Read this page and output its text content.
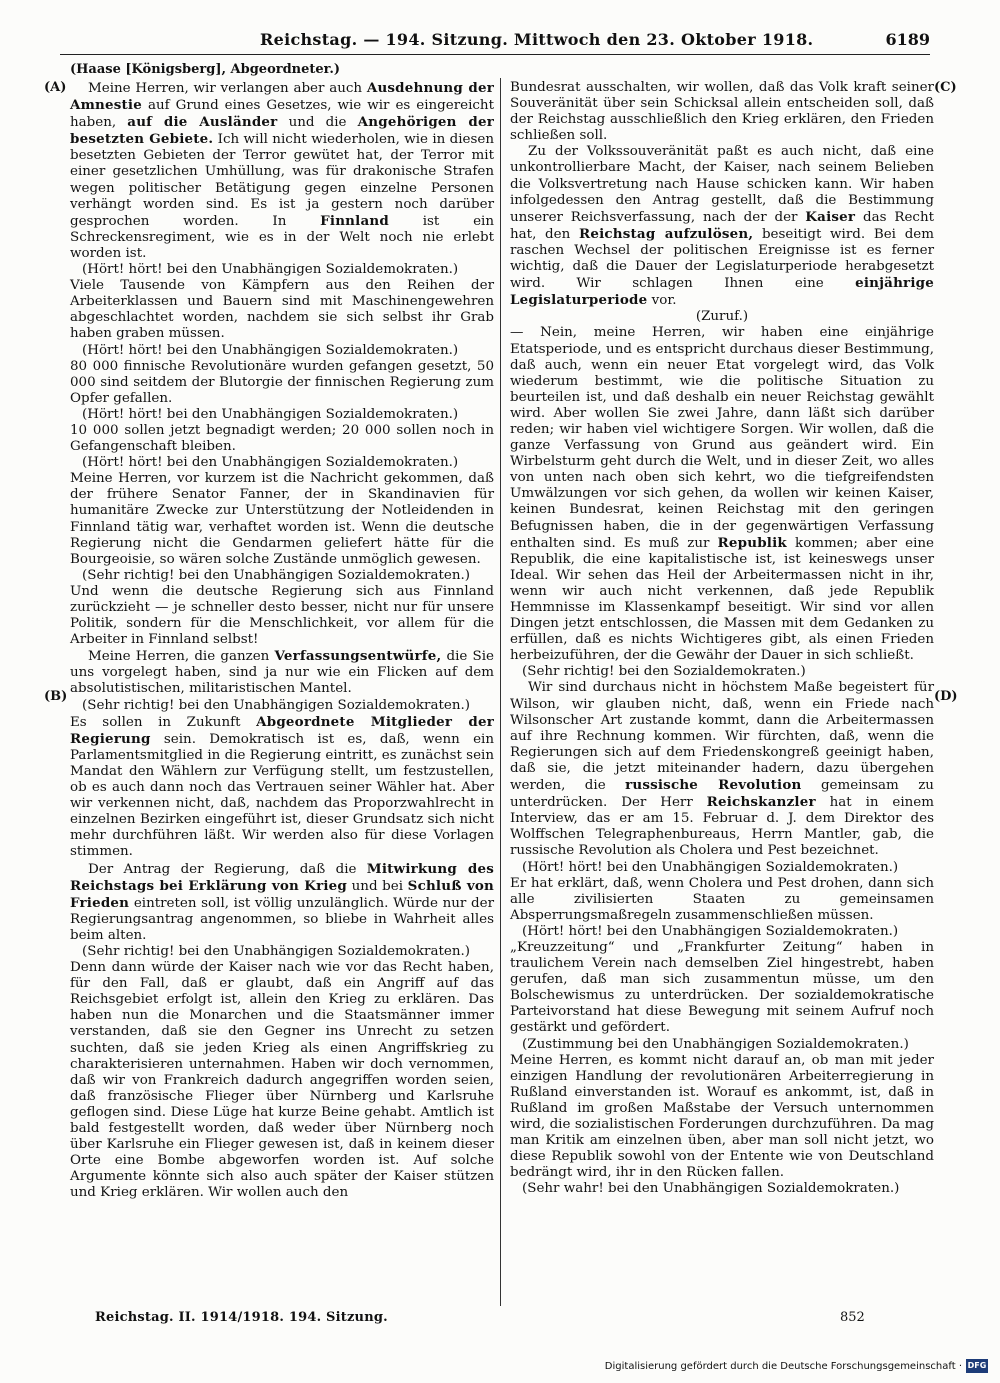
Reichstag. — 194. Sitzung. Mittwoch den 23. Oktober 1918.	6189
(Haase [Königsberg], Abgeordneter.)
(A)
(B)
(C)
(D)

Meine Herren, wir verlangen aber auch Ausdehnung der Amnestie auf Grund eines Gesetzes, wie wir es eingereicht haben, auf die Ausländer und die Angehörigen der besetzten Gebiete. Ich will nicht wiederholen, wie in diesen besetzten Gebieten der Terror gewütet hat, der Terror mit einer gesetzlichen Umhüllung, was für drakonische Strafen wegen politischer Betätigung gegen einzelne Personen verhängt worden sind. Es ist ja gestern noch darüber gesprochen worden. In Finnland ist ein Schreckensregiment, wie es in der Welt noch nie erlebt worden ist.

(Hört! hört! bei den Unabhängigen Sozialdemokraten.)

Viele Tausende von Kämpfern aus den Reihen der Arbeiterklassen und Bauern sind mit Maschinengewehren abgeschlachtet worden, nachdem sie sich selbst ihr Grab haben graben müssen.

(Hört! hört! bei den Unabhängigen Sozialdemokraten.)

80 000 finnische Revolutionäre wurden gefangen gesetzt, 50 000 sind seitdem der Blutorgie der finnischen Regierung zum Opfer gefallen.

(Hört! hört! bei den Unabhängigen Sozialdemokraten.)

10 000 sollen jetzt begnadigt werden; 20 000 sollen noch in Gefangenschaft bleiben.

(Hört! hört! bei den Unabhängigen Sozialdemokraten.)

Meine Herren, vor kurzem ist die Nachricht gekommen, daß der frühere Senator Fanner, der in Skandinavien für humanitäre Zwecke zur Unterstützung der Notleidenden in Finnland tätig war, verhaftet worden ist. Wenn die deutsche Regierung nicht die Gendarmen geliefert hätte für die Bourgeoisie, so wären solche Zustände unmöglich gewesen.

(Sehr richtig! bei den Unabhängigen Sozialdemokraten.)

Und wenn die deutsche Regierung sich aus Finnland zurückzieht — je schneller desto besser, nicht nur für unsere Politik, sondern für die Menschlichkeit, vor allem für die Arbeiter in Finnland selbst!

Meine Herren, die ganzen Verfassungsentwürfe, die Sie uns vorgelegt haben, sind ja nur wie ein Flicken auf dem absolutistischen, militaristischen Mantel.

(Sehr richtig! bei den Unabhängigen Sozialdemokraten.)

Es sollen in Zukunft Abgeordnete Mitglieder der Regierung sein. Demokratisch ist es, daß, wenn ein Parlamentsmitglied in die Regierung eintritt, es zunächst sein Mandat den Wählern zur Verfügung stellt, um festzustellen, ob es auch dann noch das Vertrauen seiner Wähler hat. Aber wir verkennen nicht, daß, nachdem das Proporzwahlrecht in einzelnen Bezirken eingeführt ist, dieser Grundsatz sich nicht mehr durchführen läßt. Wir werden also für diese Vorlagen stimmen.

Der Antrag der Regierung, daß die Mitwirkung des Reichstags bei Erklärung von Krieg und bei Schluß von Frieden eintreten soll, ist völlig unzulänglich. Würde nur der Regierungsantrag angenommen, so bliebe in Wahrheit alles beim alten.

(Sehr richtig! bei den Unabhängigen Sozialdemokraten.)

Denn dann würde der Kaiser nach wie vor das Recht haben, für den Fall, daß er glaubt, daß ein Angriff auf das Reichsgebiet erfolgt ist, allein den Krieg zu erklären. Das haben nun die Monarchen und die Staatsmänner immer verstanden, daß sie den Gegner ins Unrecht zu setzen suchten, daß sie jeden Krieg als einen Angriffskrieg zu charakterisieren unternahmen. Haben wir doch vernommen, daß wir von Frankreich dadurch angegriffen worden seien, daß französische Flieger über Nürnberg und Karlsruhe geflogen sind. Diese Lüge hat kurze Beine gehabt. Amtlich ist bald festgestellt worden, daß weder über Nürnberg noch über Karlsruhe ein Flieger gewesen ist, daß in keinem dieser Orte eine Bombe abgeworfen worden ist. Auf solche Argumente könnte sich also auch später der Kaiser stützen und Krieg erklären. Wir wollen auch den

Bundesrat ausschalten, wir wollen, daß das Volk kraft seiner Souveränität über sein Schicksal allein entscheiden soll, daß der Reichstag ausschließlich den Krieg erklären, den Frieden schließen soll.

Zu der Volkssouveränität paßt es auch nicht, daß eine unkontrollierbare Macht, der Kaiser, nach seinem Belieben die Volksvertretung nach Hause schicken kann. Wir haben infolgedessen den Antrag gestellt, daß die Bestimmung unserer Reichsverfassung, nach der der Kaiser das Recht hat, den Reichstag aufzulösen, beseitigt wird. Bei dem raschen Wechsel der politischen Ereignisse ist es ferner wichtig, daß die Dauer der Legislaturperiode herabgesetzt wird. Wir schlagen Ihnen eine einjährige Legislaturperiode vor.

(Zuruf.)

— Nein, meine Herren, wir haben eine einjährige Etatsperiode, und es entspricht durchaus dieser Bestimmung, daß auch, wenn ein neuer Etat vorgelegt wird, das Volk wiederum bestimmt, wie die politische Situation zu beurteilen ist, und daß deshalb ein neuer Reichstag gewählt wird. Aber wollen Sie zwei Jahre, dann läßt sich darüber reden; wir haben viel wichtigere Sorgen. Wir wollen, daß die ganze Verfassung von Grund aus geändert wird. Ein Wirbelsturm geht durch die Welt, und in dieser Zeit, wo alles von unten nach oben sich kehrt, wo die tiefgreifendsten Umwälzungen vor sich gehen, da wollen wir keinen Kaiser, keinen Bundesrat, keinen Reichstag mit den geringen Befugnissen haben, die in der gegenwärtigen Verfassung enthalten sind. Es muß zur Republik kommen; aber eine Republik, die eine kapitalistische ist, ist keineswegs unser Ideal. Wir sehen das Heil der Arbeitermassen nicht in ihr, wenn wir auch nicht verkennen, daß jede Republik Hemmnisse im Klassenkampf beseitigt. Wir sind vor allen Dingen jetzt entschlossen, die Massen mit dem Gedanken zu erfüllen, daß es nichts Wichtigeres gibt, als einen Frieden herbeizuführen, der die Gewähr der Dauer in sich schließt.

(Sehr richtig! bei den Sozialdemokraten.)

Wir sind durchaus nicht in höchstem Maße begeistert für Wilson, wir glauben nicht, daß, wenn ein Friede nach Wilsonscher Art zustande kommt, dann die Arbeitermassen auf ihre Rechnung kommen. Wir fürchten, daß, wenn die Regierungen sich auf dem Friedenskongreß geeinigt haben, daß sie, die jetzt miteinander hadern, dazu übergehen werden, die russische Revolution gemeinsam zu unterdrücken. Der Herr Reichskanzler hat in einem Interview, das er am 15. Februar d. J. dem Direktor des Wolffschen Telegraphenbureaus, Herrn Mantler, gab, die russische Revolution als Cholera und Pest bezeichnet.

(Hört! hört! bei den Unabhängigen Sozialdemokraten.)

Er hat erklärt, daß, wenn Cholera und Pest drohen, dann sich alle zivilisierten Staaten zu gemeinsamen Absperrungsmaßregeln zusammenschließen müssen.

(Hört! hört! bei den Unabhängigen Sozialdemokraten.)

„Kreuzzeitung“ und „Frankfurter Zeitung“ haben in traulichem Verein nach demselben Ziel hingestrebt, haben gerufen, daß man sich zusammentun müsse, um den Bolschewismus zu unterdrücken. Der sozialdemokratische Parteivorstand hat diese Bewegung mit seinem Aufruf noch gestärkt und gefördert.

(Zustimmung bei den Unabhängigen Sozialdemokraten.)

Meine Herren, es kommt nicht darauf an, ob man mit jeder einzigen Handlung der revolutionären Arbeiterregierung in Rußland einverstanden ist. Worauf es ankommt, ist, daß in Rußland im großen Maßstabe der Versuch unternommen wird, die sozialistischen Forderungen durchzuführen. Da mag man Kritik am einzelnen üben, aber man soll nicht jetzt, wo diese Republik sowohl von der Entente wie von Deutschland bedrängt wird, ihr in den Rücken fallen.

(Sehr wahr! bei den Unabhängigen Sozialdemokraten.)

Reichstag. II. 1914/1918. 194. Sitzung.	852
Digitalisierung gefördert durch die Deutsche Forschungsgemeinschaft · DFG
